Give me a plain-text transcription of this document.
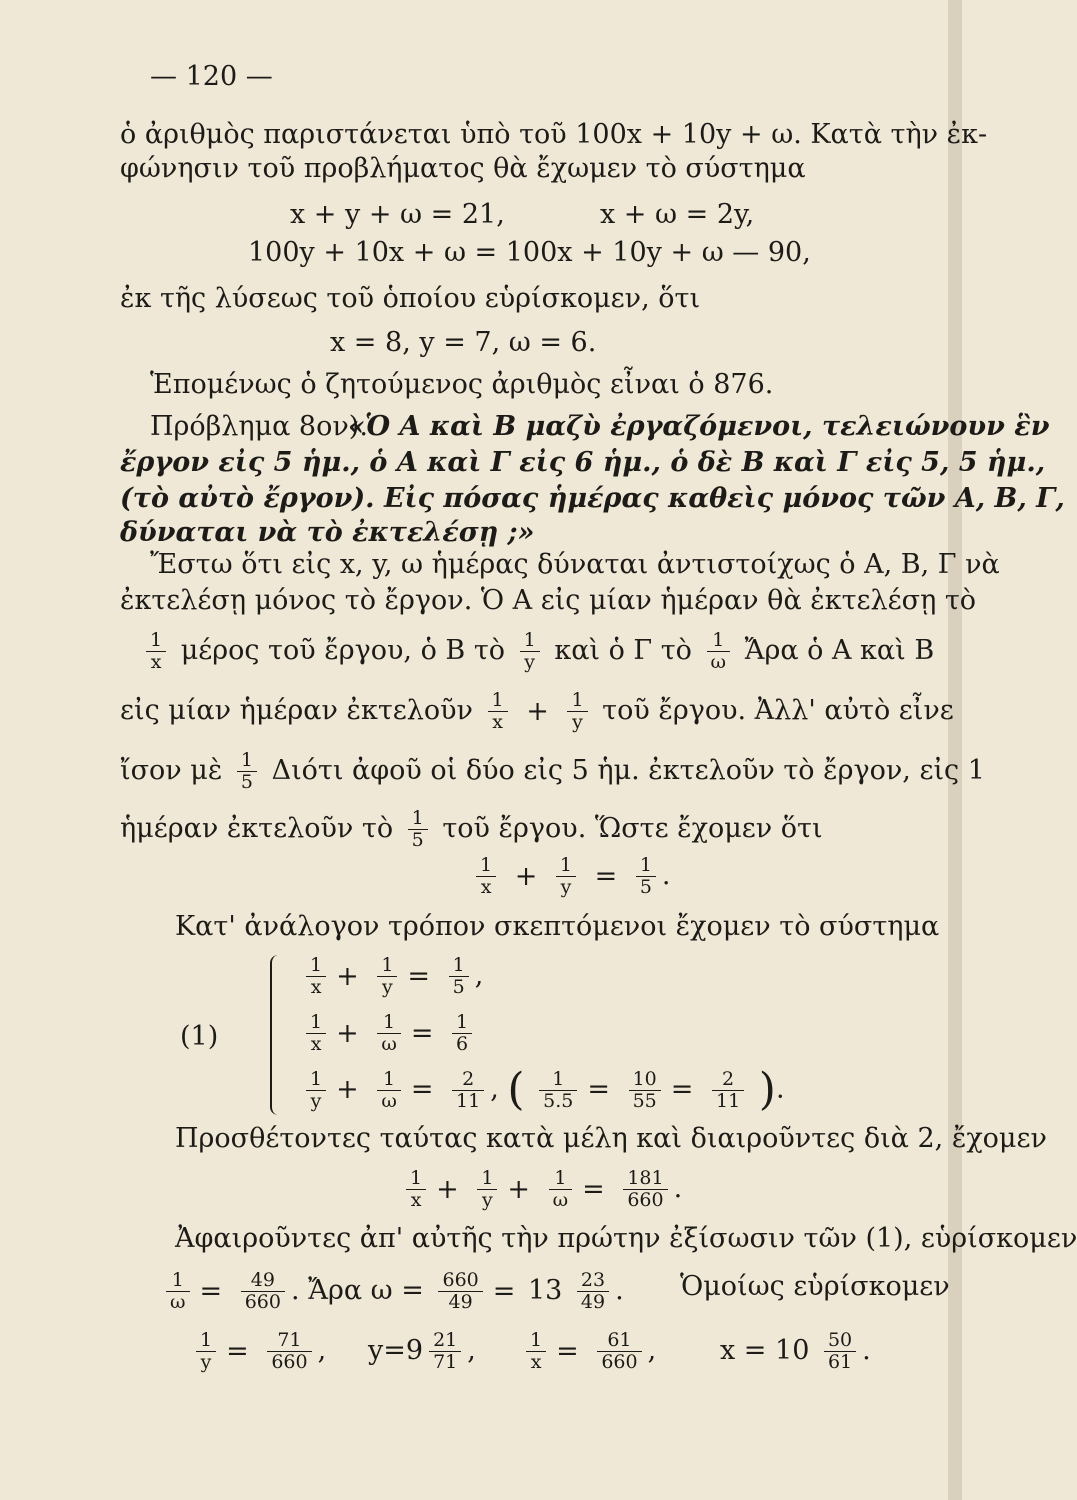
— 120 —
ὁ ἀριθμὸς παριστάνεται ὑπὸ τοῦ 100x + 10y + ω. Κατὰ τὴν ἐκ-
φώνησιν τοῦ προβλήματος θὰ ἔχωμεν τὸ σύστημα
x + y + ω = 21,	x + ω = 2y,
100y + 10x + ω = 100x + 10y + ω — 90,
ἐκ τῆς λύσεως τοῦ ὁποίου εὑρίσκομεν, ὅτι
x = 8, y = 7, ω = 6.
Ἑπομένως ὁ ζητούμενος ἀριθμὸς εἶναι ὁ 876.
Πρόβλημα 8ον).
«Ὁ Α καὶ Β μαζὺ ἐργαζόμενοι, τελειώνουν ἓν
ἔργον εἰς 5 ἡμ., ὁ Α καὶ Γ εἰς 6 ἡμ., ὁ δὲ Β καὶ Γ εἰς 5, 5 ἡμ.,
(τὸ αὐτὸ ἔργον). Εἰς πόσας ἡμέρας καθεὶς μόνος τῶν Α, Β, Γ,
δύναται νὰ τὸ ἐκτελέσῃ ;»
Ἔστω ὅτι εἰς x, y, ω ἡμέρας δύναται ἀντιστοίχως ὁ Α, Β, Γ νὰ
ἐκτελέσῃ μόνος τὸ ἔργον. Ὁ Α εἰς μίαν ἡμέραν θὰ ἐκτελέσῃ τὸ
$\frac{1}{x}$ μέρος τοῦ ἔργου, ὁ Β τὸ $\frac{1}{y}$ καὶ ὁ Γ τὸ $\frac{1}{\omega}$ Ἄρα ὁ Α καὶ Β
εἰς μίαν ἡμέραν ἐκτελοῦν $\frac{1}{x} + \frac{1}{y}$ τοῦ ἔργου. Ἀλλ' αὐτὸ εἶνε
ἴσον μὲ $\frac{1}{5}$ Διότι ἀφοῦ οἱ δύο εἰς 5 ἡμ. ἐκτελοῦν τὸ ἔργον, εἰς 1
ἡμέραν ἐκτελοῦν τὸ $\frac{1}{5}$ τοῦ ἔργου. Ὥστε ἔχομεν ὅτι
$\frac{1}{x} + \frac{1}{y} = \frac{1}{5}$ .
Κατ' ἀνάλογον τρόπον σκεπτόμενοι ἔχομεν τὸ σύστημα
(1)
$\frac{1}{x} + \frac{1}{y} = \frac{1}{5}$ ,
$\frac{1}{x} + \frac{1}{\omega} = \frac{1}{6}$
$\frac{1}{y} + \frac{1}{\omega} = \frac{2}{11}$ , ( $\frac{1}{5.5} = \frac{10}{55} = \frac{2}{11}$ ).
Προσθέτοντες ταύτας κατὰ μέλη καὶ διαιροῦντες διὰ 2, ἔχομεν
$\frac{1}{x} + \frac{1}{y} + \frac{1}{\omega} = \frac{181}{660}$ .
Ἀφαιροῦντες ἀπ' αὐτῆς τὴν πρώτην ἐξίσωσιν τῶν (1), εὑρίσκομεν
$\frac{1}{\omega} = \frac{49}{660}$ . Ἄρα $\omega = \frac{660}{49} = 13 \frac{23}{49}$ . Ὁμοίως εὑρίσκομεν
$\frac{1}{y} = \frac{71}{660}$ , $y=9 \frac{21}{71}$ ,	$\frac{1}{x} = \frac{61}{660}$ , $x = 10 \frac{50}{61}$ .
